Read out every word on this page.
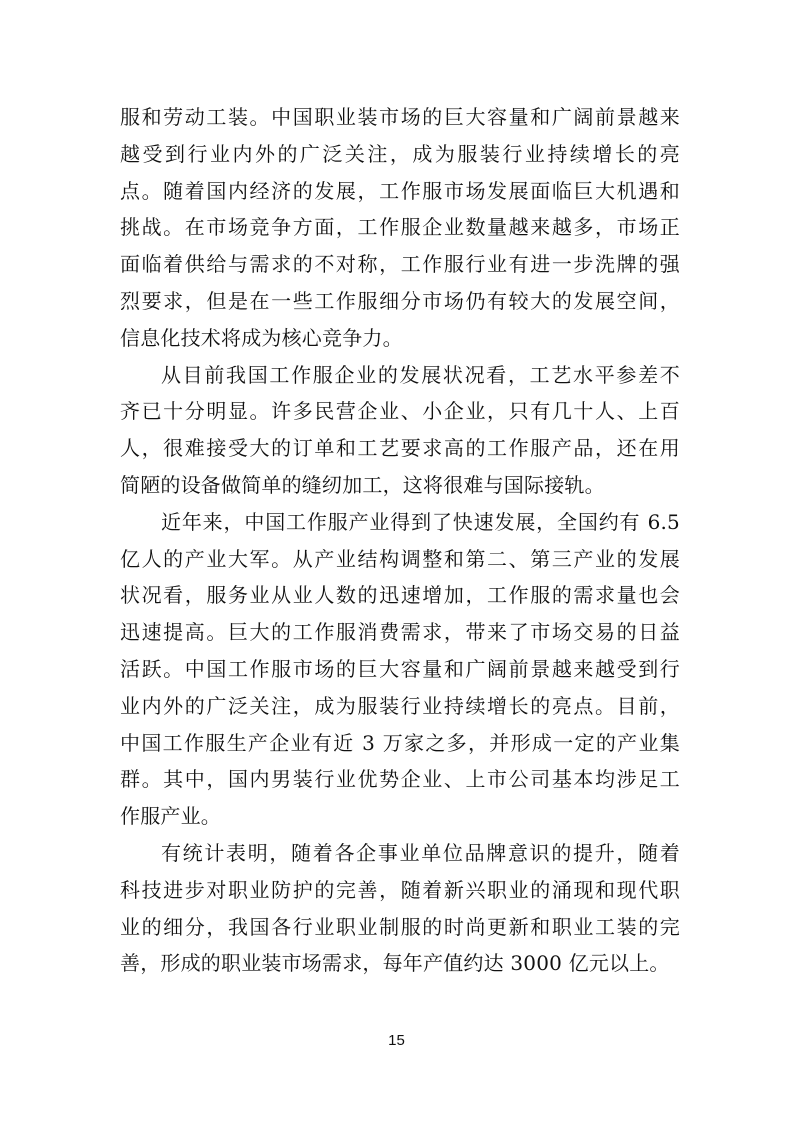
服和劳动工装。中国职业装市场的巨大容量和广阔前景越来
越受到行业内外的广泛关注，成为服装行业持续增长的亮
点。随着国内经济的发展，工作服市场发展面临巨大机遇和
挑战。在市场竞争方面，工作服企业数量越来越多，市场正
面临着供给与需求的不对称，工作服行业有进一步洗牌的强
烈要求，但是在一些工作服细分市场仍有较大的发展空间，
信息化技术将成为核心竞争力。
从目前我国工作服企业的发展状况看，工艺水平参差不
齐已十分明显。许多民营企业、小企业，只有几十人、上百
人，很难接受大的订单和工艺要求高的工作服产品，还在用
简陋的设备做简单的缝纫加工，这将很难与国际接轨。
近年来，中国工作服产业得到了快速发展，全国约有 6.5
亿人的产业大军。从产业结构调整和第二、第三产业的发展
状况看，服务业从业人数的迅速增加，工作服的需求量也会
迅速提高。巨大的工作服消费需求，带来了市场交易的日益
活跃。中国工作服市场的巨大容量和广阔前景越来越受到行
业内外的广泛关注，成为服装行业持续增长的亮点。目前，
中国工作服生产企业有近 3 万家之多，并形成一定的产业集
群。其中，国内男装行业优势企业、上市公司基本均涉足工
作服产业。
有统计表明，随着各企事业单位品牌意识的提升，随着
科技进步对职业防护的完善，随着新兴职业的涌现和现代职
业的细分，我国各行业职业制服的时尚更新和职业工装的完
善，形成的职业装市场需求，每年产值约达 3000 亿元以上。
15
